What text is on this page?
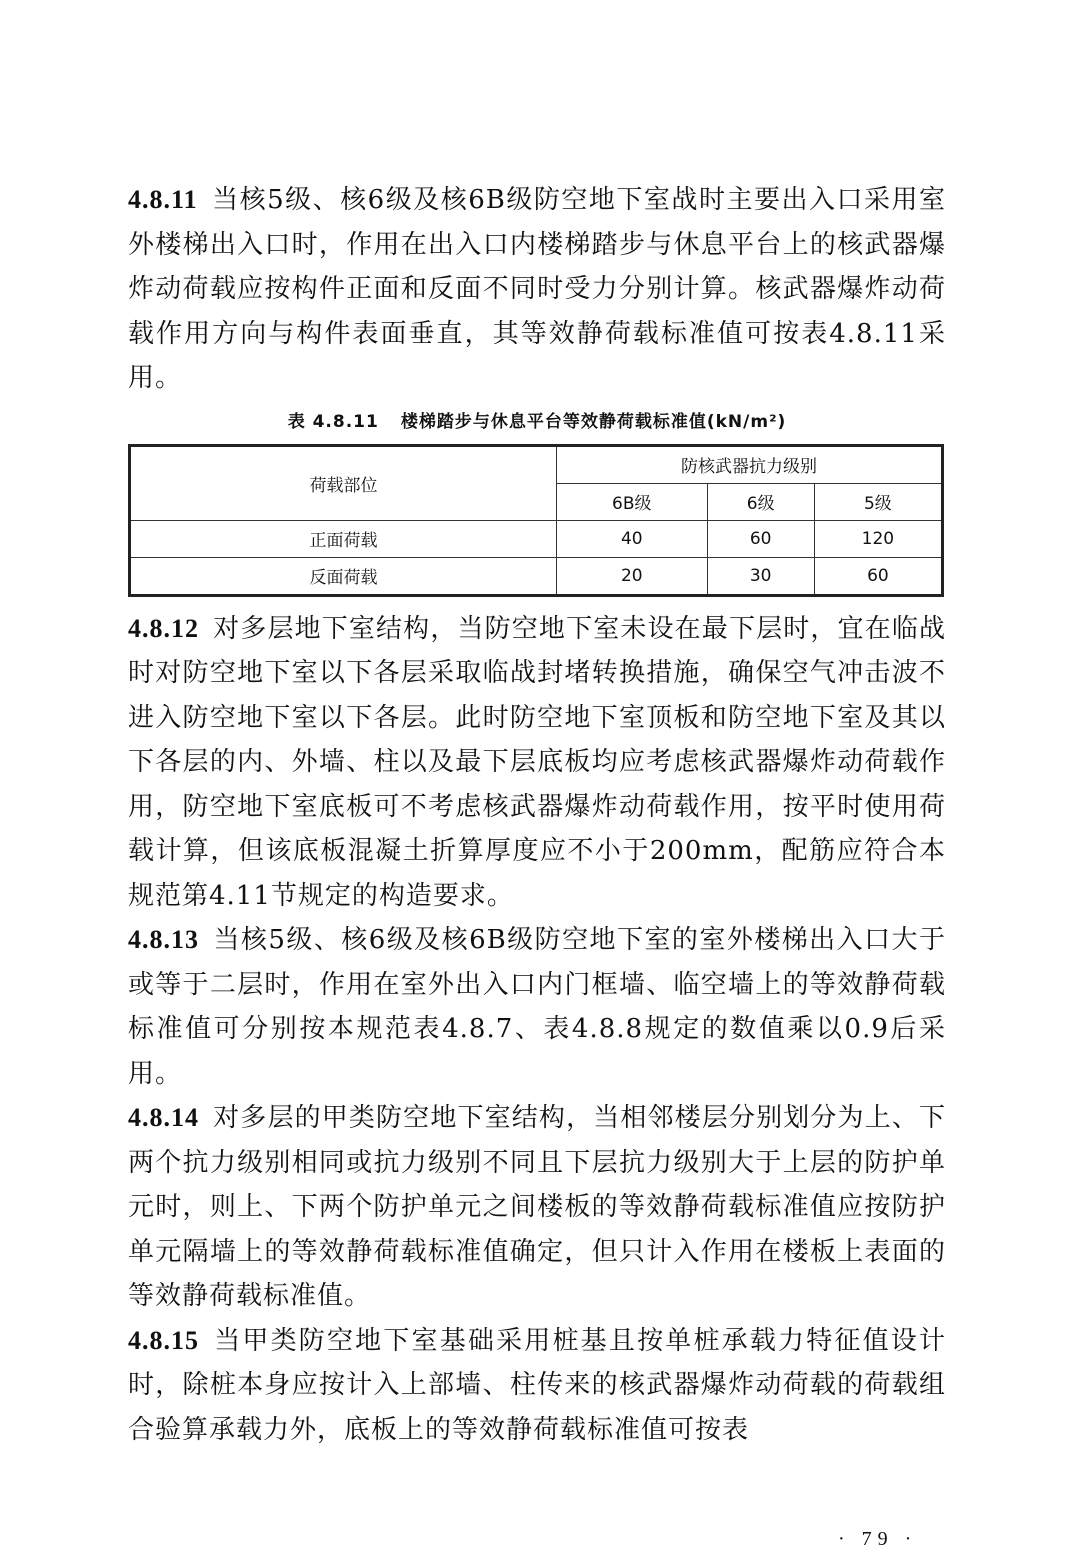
4.8.11 当核5级、核6级及核6B级防空地下室战时主要出入口采用室外楼梯出入口时，作用在出入口内楼梯踏步与休息平台上的核武器爆炸动荷载应按构件正面和反面不同时受力分别计算。核武器爆炸动荷载作用方向与构件表面垂直，其等效静荷载标准值可按表4.8.11采用。

表 4.8.11 楼梯踏步与休息平台等效静荷载标准值(kN/m²)
荷载部位	防核武器抗力级别		
	6B级	6级	5级
正面荷载	40	60	120
反面荷载	20	30	60

4.8.12 对多层地下室结构，当防空地下室未设在最下层时，宜在临战时对防空地下室以下各层采取临战封堵转换措施，确保空气冲击波不进入防空地下室以下各层。此时防空地下室顶板和防空地下室及其以下各层的内、外墙、柱以及最下层底板均应考虑核武器爆炸动荷载作用，防空地下室底板可不考虑核武器爆炸动荷载作用，按平时使用荷载计算，但该底板混凝土折算厚度应不小于200mm，配筋应符合本规范第4.11节规定的构造要求。

4.8.13 当核5级、核6级及核6B级防空地下室的室外楼梯出入口大于或等于二层时，作用在室外出入口内门框墙、临空墙上的等效静荷载标准值可分别按本规范表4.8.7、表4.8.8规定的数值乘以0.9后采用。

4.8.14 对多层的甲类防空地下室结构，当相邻楼层分别划分为上、下两个抗力级别相同或抗力级别不同且下层抗力级别大于上层的防护单元时，则上、下两个防护单元之间楼板的等效静荷载标准值应按防护单元隔墙上的等效静荷载标准值确定，但只计入作用在楼板上表面的等效静荷载标准值。

4.8.15 当甲类防空地下室基础采用桩基且按单桩承载力特征值设计时，除桩本身应按计入上部墙、柱传来的核武器爆炸动荷载的荷载组合验算承载力外，底板上的等效静荷载标准值可按表

· 79 ·
